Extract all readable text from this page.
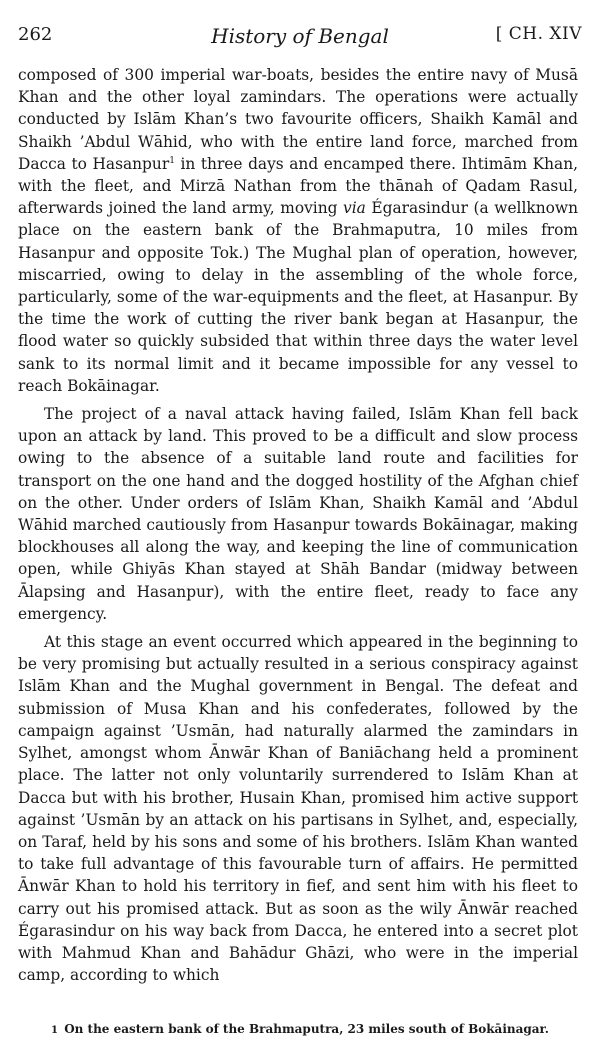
262	History of Bengal	[ CH. XIV

composed of 300 imperial war-boats, besides the entire navy of Musā Khan and the other loyal zamindars. The operations were actually conducted by Islām Khan’s two favourite officers, Shaikh Kamāl and Shaikh ’Abdul Wāhid, who with the entire land force, marched from Dacca to Hasanpur$^1$ in three days and encamped there. Ihtimām Khan, with the fleet, and Mirzā Nathan from the thānah of Qadam Rasul, afterwards joined the land army, moving via Égarasindur (a wellknown place on the eastern bank of the Brahmaputra, 10 miles from Hasanpur and opposite Tok.) The Mughal plan of operation, however, miscarried, owing to delay in the assembling of the whole force, particularly, some of the war-equipments and the fleet, at Hasanpur. By the time the work of cutting the river bank began at Hasanpur, the flood water so quickly subsided that within three days the water level sank to its normal limit and it became impossible for any vessel to reach Bokāinagar.

The project of a naval attack having failed, Islām Khan fell back upon an attack by land. This proved to be a difficult and slow process owing to the absence of a suitable land route and facilities for transport on the one hand and the dogged hostility of the Afghan chief on the other. Under orders of Islām Khan, Shaikh Kamāl and ’Abdul Wāhid marched cautiously from Hasanpur towards Bokāinagar, making blockhouses all along the way, and keeping the line of communication open, while Ghiyās Khan stayed at Shāh Bandar (midway between Ālapsing and Hasanpur), with the entire fleet, ready to face any emergency.

At this stage an event occurred which appeared in the beginning to be very promising but actually resulted in a serious conspiracy against Islām Khan and the Mughal government in Bengal. The defeat and submission of Musa Khan and his confederates, followed by the campaign against ’Usmān, had naturally alarmed the zamindars in Sylhet, amongst whom Ānwār Khan of Baniāchang held a prominent place. The latter not only voluntarily surrendered to Islām Khan at Dacca but with his brother, Husain Khan, promised him active support against ’Usmān by an attack on his partisans in Sylhet, and, especially, on Taraf, held by his sons and some of his brothers. Islām Khan wanted to take full advantage of this favourable turn of affairs. He permitted Ānwār Khan to hold his territory in fief, and sent him with his fleet to carry out his promised attack. But as soon as the wily Ānwār reached Égarasindur on his way back from Dacca, he entered into a secret plot with Mahmud Khan and Bahādur Ghāzi, who were in the imperial camp, according to which

1 On the eastern bank of the Brahmaputra, 23 miles south of Bokāinagar.
